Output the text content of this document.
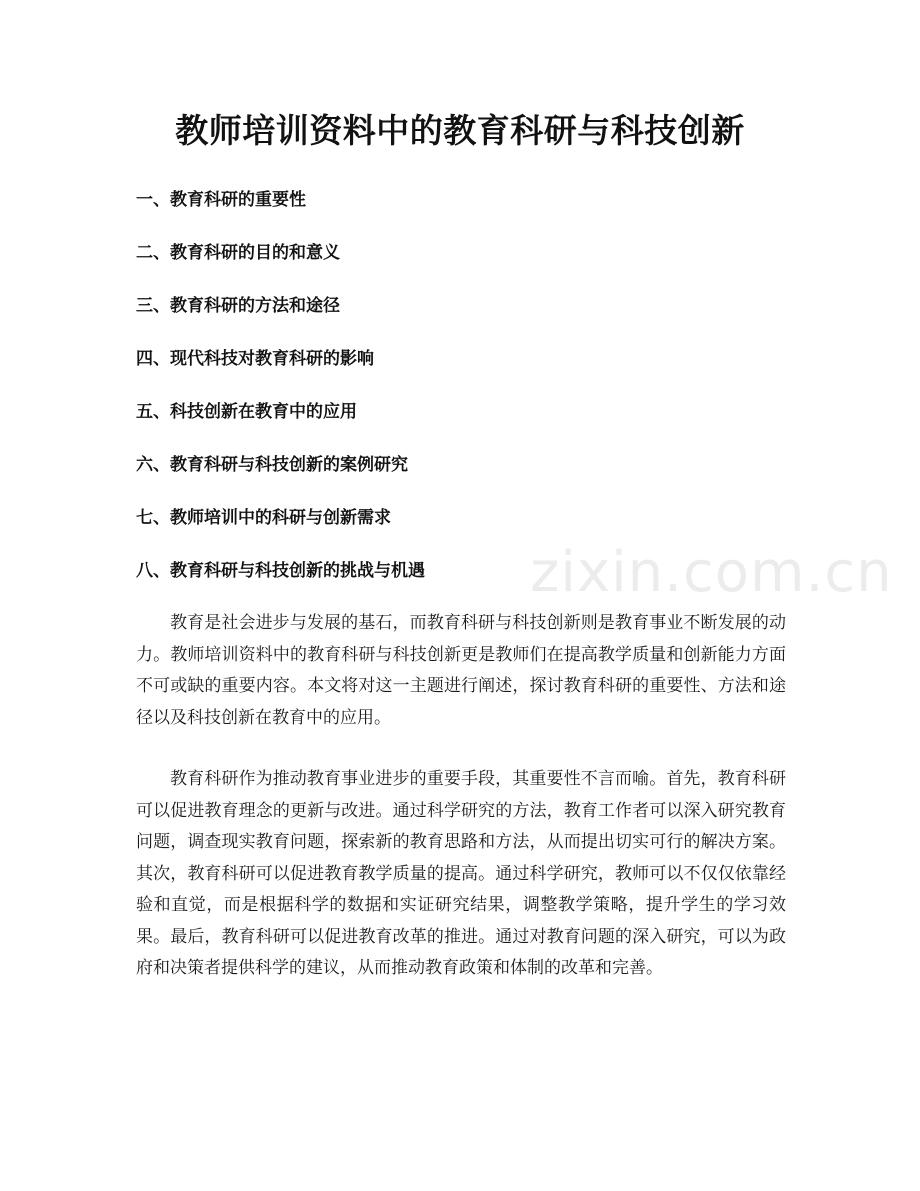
教师培训资料中的教育科研与科技创新
一、教育科研的重要性
二、教育科研的目的和意义
三、教育科研的方法和途径
四、现代科技对教育科研的影响
五、科技创新在教育中的应用
六、教育科研与科技创新的案例研究
七、教师培训中的科研与创新需求
八、教育科研与科技创新的挑战与机遇

教育是社会进步与发展的基石，而教育科研与科技创新则是教育事业不断发展的动力。教师培训资料中的教育科研与科技创新更是教师们在提高教学质量和创新能力方面不可或缺的重要内容。本文将对这一主题进行阐述，探讨教育科研的重要性、方法和途径以及科技创新在教育中的应用。

教育科研作为推动教育事业进步的重要手段，其重要性不言而喻。首先，教育科研可以促进教育理念的更新与改进。通过科学研究的方法，教育工作者可以深入研究教育问题，调查现实教育问题，探索新的教育思路和方法，从而提出切实可行的解决方案。其次，教育科研可以促进教育教学质量的提高。通过科学研究，教师可以不仅仅依靠经验和直觉，而是根据科学的数据和实证研究结果，调整教学策略，提升学生的学习效果。最后，教育科研可以促进教育改革的推进。通过对教育问题的深入研究，可以为政府和决策者提供科学的建议，从而推动教育政策和体制的改革和完善。

zixin.com.cn
